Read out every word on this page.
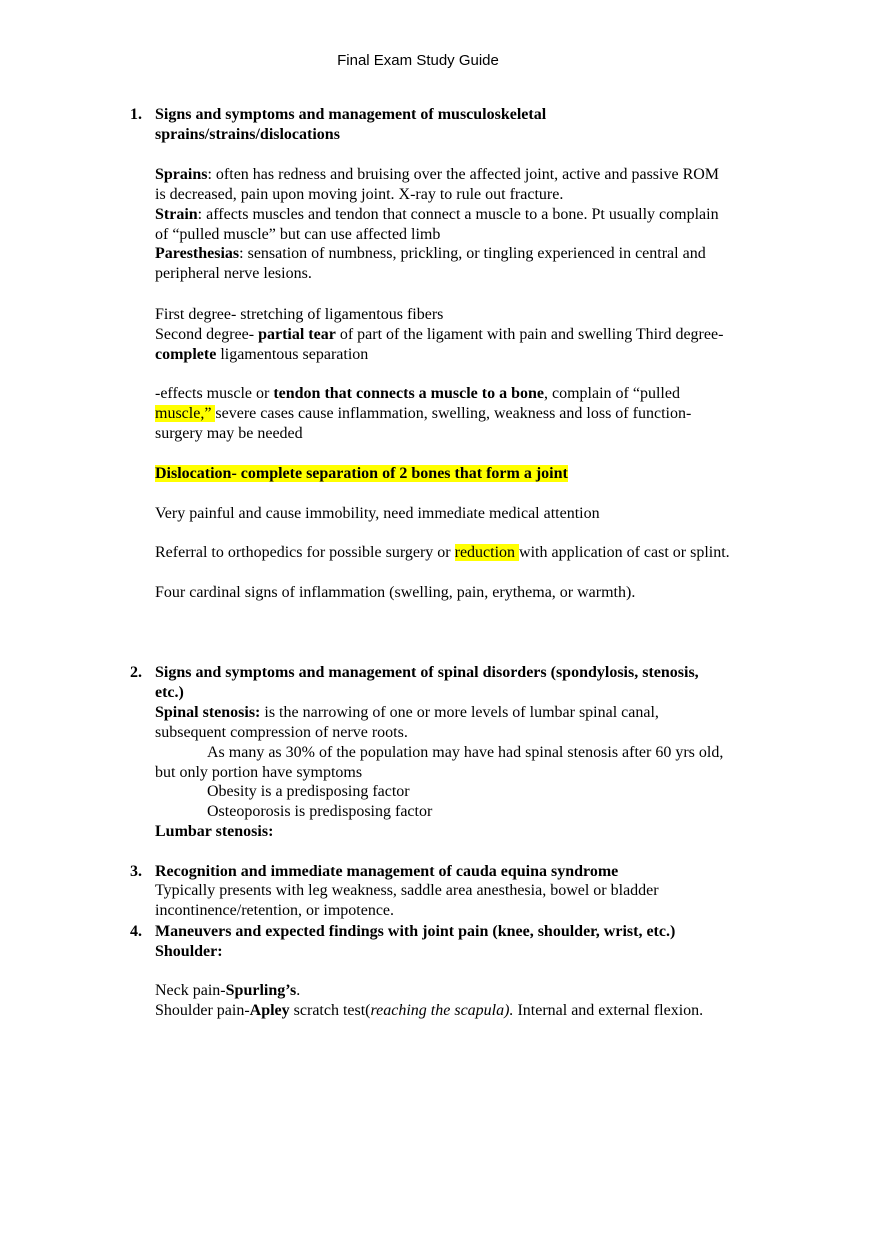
Final Exam Study Guide
1. Signs and symptoms and management of musculoskeletal
sprains/strains/dislocations
Sprains: often has redness and bruising over the affected joint, active and passive ROM
is decreased, pain upon moving joint. X-ray to rule out fracture.
Strain: affects muscles and tendon that connect a muscle to a bone. Pt usually complain
of “pulled muscle” but can use affected limb
Paresthesias: sensation of numbness, prickling, or tingling experienced in central and
peripheral nerve lesions.
First degree- stretching of ligamentous fibers
Second degree- partial tear of part of the ligament with pain and swelling Third degree-
complete ligamentous separation
-effects muscle or tendon that connects a muscle to a bone, complain of “pulled
muscle,” severe cases cause inflammation, swelling, weakness and loss of function-
surgery may be needed
Dislocation- complete separation of 2 bones that form a joint
Very painful and cause immobility, need immediate medical attention
Referral to orthopedics for possible surgery or reduction with application of cast or splint.
Four cardinal signs of inflammation (swelling, pain, erythema, or warmth).
2. Signs and symptoms and management of spinal disorders (spondylosis, stenosis,
etc.)
Spinal stenosis: is the narrowing of one or more levels of lumbar spinal canal,
subsequent compression of nerve roots.
As many as 30% of the population may have had spinal stenosis after 60 yrs old,
but only portion have symptoms
Obesity is a predisposing factor
Osteoporosis is predisposing factor
Lumbar stenosis:
3. Recognition and immediate management of cauda equina syndrome
Typically presents with leg weakness, saddle area anesthesia, bowel or bladder
incontinence/retention, or impotence.
4. Maneuvers and expected findings with joint pain (knee, shoulder, wrist, etc.)
Shoulder:
Neck pain-Spurling’s.
Shoulder pain-Apley scratch test(reaching the scapula). Internal and external flexion.
